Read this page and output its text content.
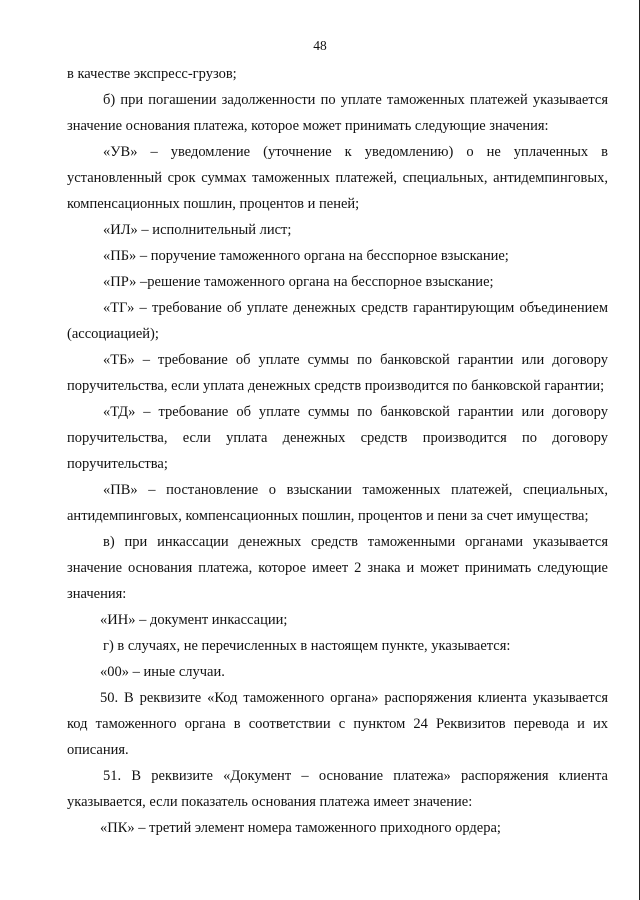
48

в качестве экспресс-грузов;

б) при погашении задолженности по уплате таможенных платежей указывается значение основания платежа, которое может принимать следующие значения:

«УВ» – уведомление (уточнение к уведомлению) о не уплаченных в установленный срок суммах таможенных платежей, специальных, антидемпинговых, компенсационных пошлин, процентов и пеней;

«ИЛ» – исполнительный лист;

«ПБ» – поручение таможенного органа на бесспорное взыскание;

«ПР» –решение таможенного органа на бесспорное взыскание;

«ТГ» – требование об уплате денежных средств гарантирующим объединением (ассоциацией);

«ТБ» – требование об уплате суммы по банковской гарантии или договору поручительства, если уплата денежных средств производится по банковской гарантии;

«ТД» – требование об уплате суммы по банковской гарантии или договору поручительства, если уплата денежных средств производится по договору поручительства;

«ПВ» – постановление о взыскании таможенных платежей, специальных, антидемпинговых, компенсационных пошлин, процентов и пени за счет имущества;

в) при инкассации денежных средств таможенными органами указывается значение основания платежа, которое имеет 2 знака и может принимать следующие значения:

«ИН» – документ инкассации;

г) в случаях, не перечисленных в настоящем пункте, указывается:

«00» – иные случаи.

50. В реквизите «Код таможенного органа» распоряжения клиента указывается код таможенного органа в соответствии с пунктом 24 Реквизитов перевода и их описания.

51. В реквизите «Документ – основание платежа» распоряжения клиента указывается, если показатель основания платежа имеет значение:

«ПК» – третий элемент номера таможенного приходного ордера;
